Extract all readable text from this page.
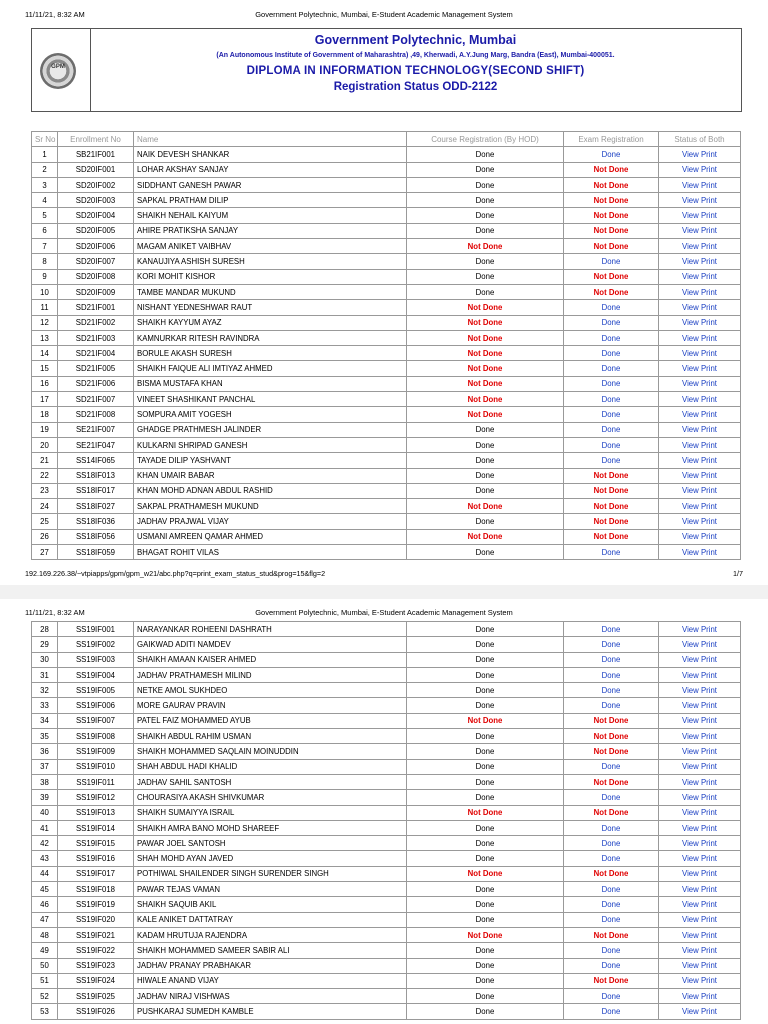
11/11/21, 8:32 AM	Government Polytechnic, Mumbai, E-Student Academic Management System
GPM
Government Polytechnic, Mumbai
(An Autonomous Institute of Government of Maharashtra) ,49, Kherwadi, A.Y.Jung Marg, Bandra (East), Mumbai-400051.
DIPLOMA IN INFORMATION TECHNOLOGY(SECOND SHIFT)
Registration Status ODD-2122
Sr No	Enrollment No	Name	Course Registration (By HOD)	Exam Registration	Status of Both
1	SB21IF001	NAIK DEVESH SHANKAR	Done	Done	View Print
2	SD20IF001	LOHAR AKSHAY SANJAY	Done	Not Done	View Print
3	SD20IF002	SIDDHANT GANESH PAWAR	Done	Not Done	View Print
4	SD20IF003	SAPKAL PRATHAM DILIP	Done	Not Done	View Print
5	SD20IF004	SHAIKH NEHAIL KAIYUM	Done	Not Done	View Print
6	SD20IF005	AHIRE PRATIKSHA SANJAY	Done	Not Done	View Print
7	SD20IF006	MAGAM ANIKET VAIBHAV	Not Done	Not Done	View Print
8	SD20IF007	KANAUJIYA ASHISH SURESH	Done	Done	View Print
9	SD20IF008	KORI MOHIT KISHOR	Done	Not Done	View Print
10	SD20IF009	TAMBE MANDAR MUKUND	Done	Not Done	View Print
11	SD21IF001	NISHANT YEDNESHWAR RAUT	Not Done	Done	View Print
12	SD21IF002	SHAIKH KAYYUM AYAZ	Not Done	Done	View Print
13	SD21IF003	KAMNURKAR RITESH RAVINDRA	Not Done	Done	View Print
14	SD21IF004	BORULE AKASH SURESH	Not Done	Done	View Print
15	SD21IF005	SHAIKH FAIQUE ALI IMTIYAZ AHMED	Not Done	Done	View Print
16	SD21IF006	BISMA MUSTAFA KHAN	Not Done	Done	View Print
17	SD21IF007	VINEET SHASHIKANT PANCHAL	Not Done	Done	View Print
18	SD21IF008	SOMPURA AMIT YOGESH	Not Done	Done	View Print
19	SE21IF007	GHADGE PRATHMESH JALINDER	Done	Done	View Print
20	SE21IF047	KULKARNI SHRIPAD GANESH	Done	Done	View Print
21	SS14IF065	TAYADE DILIP YASHVANT	Done	Done	View Print
22	SS18IF013	KHAN UMAIR BABAR	Done	Not Done	View Print
23	SS18IF017	KHAN MOHD ADNAN ABDUL RASHID	Done	Not Done	View Print
24	SS18IF027	SAKPAL PRATHAMESH MUKUND	Not Done	Not Done	View Print
25	SS18IF036	JADHAV PRAJWAL VIJAY	Done	Not Done	View Print
26	SS18IF056	USMANI AMREEN QAMAR AHMED	Not Done	Not Done	View Print
27	SS18IF059	BHAGAT ROHIT VILAS	Done	Done	View Print
192.169.226.38/~vtpiapps/gpm/gpm_w21/abc.php?q=print_exam_status_stud&prog=15&flg=2	1/7
11/11/21, 8:32 AM	Government Polytechnic, Mumbai, E-Student Academic Management System
28	SS19IF001	NARAYANKAR ROHEENI DASHRATH	Done	Done	View Print
29	SS19IF002	GAIKWAD ADITI NAMDEV	Done	Done	View Print
30	SS19IF003	SHAIKH AMAAN KAISER AHMED	Done	Done	View Print
31	SS19IF004	JADHAV PRATHAMESH MILIND	Done	Done	View Print
32	SS19IF005	NETKE AMOL SUKHDEO	Done	Done	View Print
33	SS19IF006	MORE GAURAV PRAVIN	Done	Done	View Print
34	SS19IF007	PATEL FAIZ MOHAMMED AYUB	Not Done	Not Done	View Print
35	SS19IF008	SHAIKH ABDUL RAHIM USMAN	Done	Not Done	View Print
36	SS19IF009	SHAIKH MOHAMMED SAQLAIN MOINUDDIN	Done	Not Done	View Print
37	SS19IF010	SHAH ABDUL HADI KHALID	Done	Done	View Print
38	SS19IF011	JADHAV SAHIL SANTOSH	Done	Not Done	View Print
39	SS19IF012	CHOURASIYA AKASH SHIVKUMAR	Done	Done	View Print
40	SS19IF013	SHAIKH SUMAIYYA ISRAIL	Not Done	Not Done	View Print
41	SS19IF014	SHAIKH AMRA BANO MOHD SHAREEF	Done	Done	View Print
42	SS19IF015	PAWAR JOEL SANTOSH	Done	Done	View Print
43	SS19IF016	SHAH MOHD AYAN JAVED	Done	Done	View Print
44	SS19IF017	POTHIWAL SHAILENDER SINGH SURENDER SINGH	Not Done	Not Done	View Print
45	SS19IF018	PAWAR TEJAS VAMAN	Done	Done	View Print
46	SS19IF019	SHAIKH SAQUIB AKIL	Done	Done	View Print
47	SS19IF020	KALE ANIKET DATTATRAY	Done	Done	View Print
48	SS19IF021	KADAM HRUTUJA RAJENDRA	Not Done	Not Done	View Print
49	SS19IF022	SHAIKH MOHAMMED SAMEER SABIR ALI	Done	Done	View Print
50	SS19IF023	JADHAV PRANAY PRABHAKAR	Done	Done	View Print
51	SS19IF024	HIWALE ANAND VIJAY	Done	Not Done	View Print
52	SS19IF025	JADHAV NIRAJ VISHWAS	Done	Done	View Print
53	SS19IF026	PUSHKARAJ SUMEDH KAMBLE	Done	Done	View Print
